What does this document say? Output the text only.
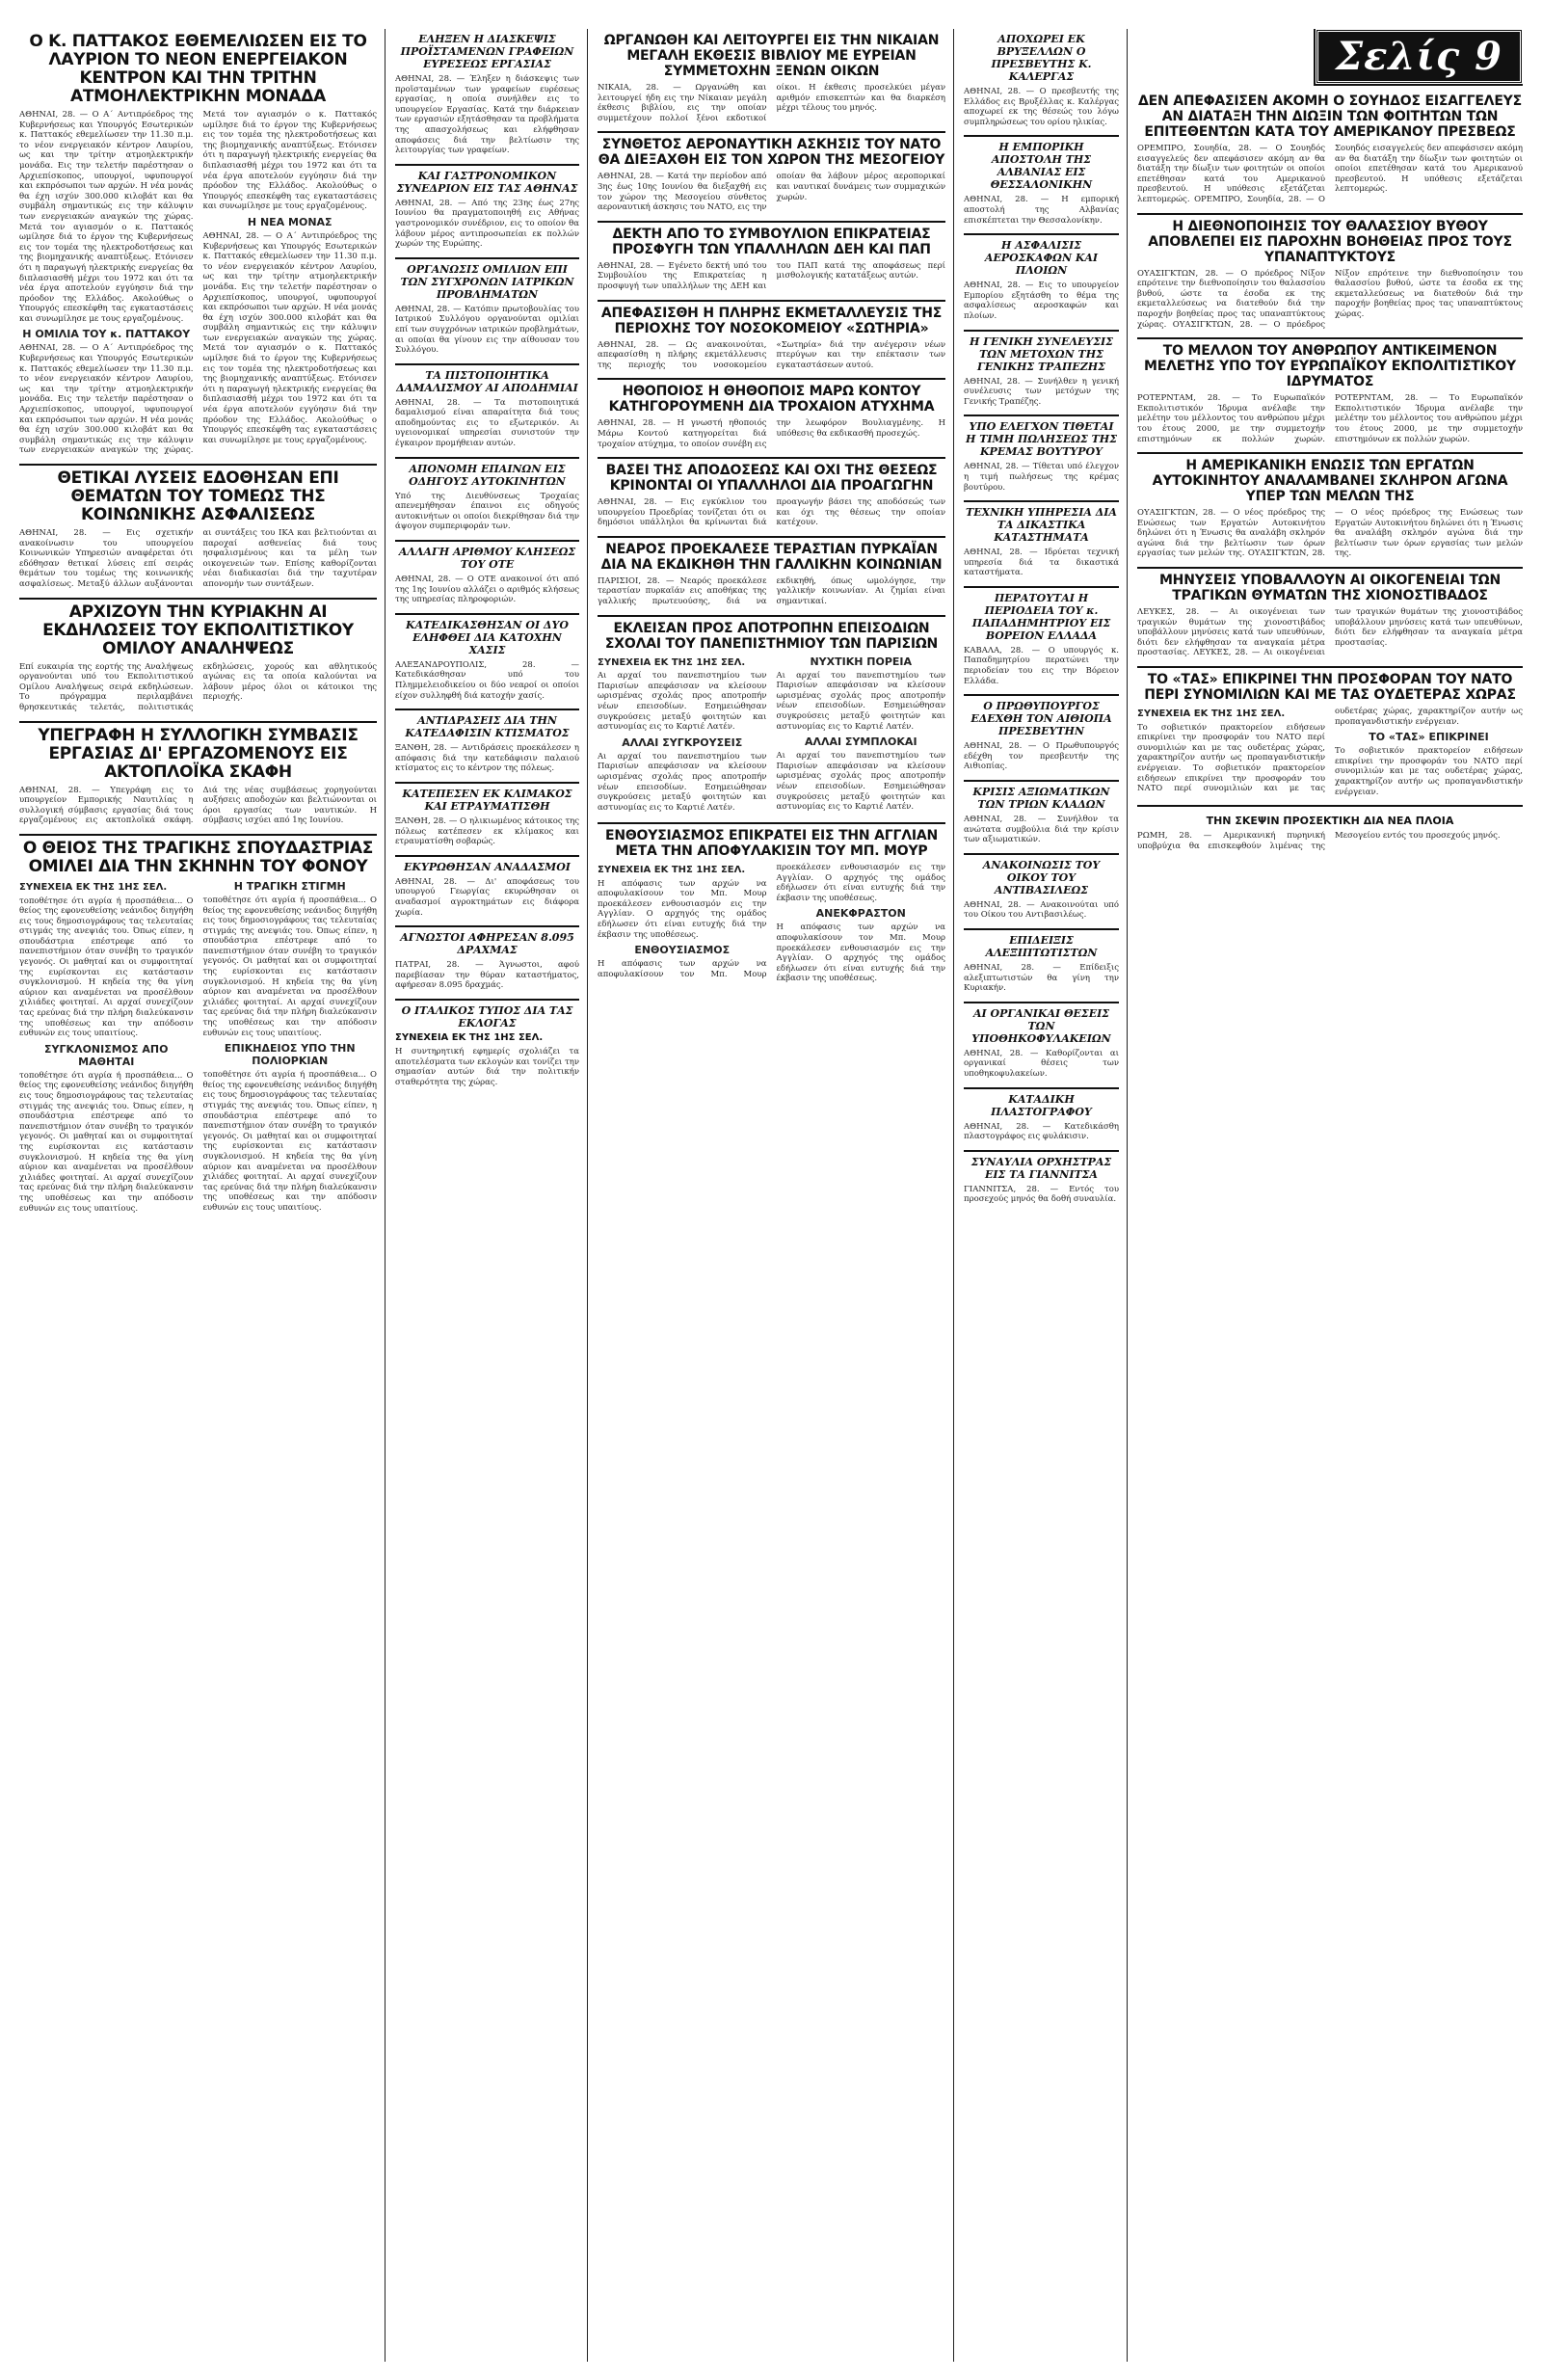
Ο Κ. ΠΑΤΤΑΚΟΣ ΕΘΕΜΕΛΙΩΣΕΝ ΕΙΣ ΤΟ ΛΑΥΡΙΟΝ ΤΟ ΝΕΟΝ ΕΝΕΡΓΕΙΑΚΟΝ ΚΕΝΤΡΟΝ ΚΑΙ ΤΗΝ ΤΡΙΤΗΝ ΑΤΜΟΗΛΕΚΤΡΙΚΗΝ ΜΟΝΑΔΑ
ΑΘΗΝΑΙ, 28. — Ο Α΄ Αντιπρόεδρος της Κυβερνήσεως και Υπουργός Εσωτερικών κ. Παττακός εθεμελίωσεν την 11.30 π.μ. το νέον ενεργειακόν κέντρον Λαυρίου, ως και την τρίτην ατμοηλεκτρικήν μονάδα. Εις την τελετήν παρέστησαν ο Αρχιεπίσκοπος, υπουργοί, υφυπουργοί και εκπρόσωποι των αρχών. Η νέα μονάς θα έχη ισχύν 300.000 κιλοβάτ και θα συμβάλη σημαντικώς εις την κάλυψιν των ενεργειακών αναγκών της χώρας. Μετά τον αγιασμόν ο κ. Παττακός ωμίλησε διά το έργον της Κυβερνήσεως εις τον τομέα της ηλεκτροδοτήσεως και της βιομηχανικής αναπτύξεως. Ετόνισεν ότι η παραγωγή ηλεκτρικής ενεργείας θα διπλασιασθή μέχρι του 1972 και ότι τα νέα έργα αποτελούν εγγύησιν διά την πρόοδον της Ελλάδος. Ακολούθως ο Υπουργός επεσκέφθη τας εγκαταστάσεις και συνωμίλησε με τους εργαζομένους.
Η ΟΜΙΛΙΑ ΤΟΥ κ. ΠΑΤΤΑΚΟΥ
ΑΘΗΝΑΙ, 28. — Ο Α΄ Αντιπρόεδρος της Κυβερνήσεως και Υπουργός Εσωτερικών κ. Παττακός εθεμελίωσεν την 11.30 π.μ. το νέον ενεργειακόν κέντρον Λαυρίου, ως και την τρίτην ατμοηλεκτρικήν μονάδα. Εις την τελετήν παρέστησαν ο Αρχιεπίσκοπος, υπουργοί, υφυπουργοί και εκπρόσωποι των αρχών. Η νέα μονάς θα έχη ισχύν 300.000 κιλοβάτ και θα συμβάλη σημαντικώς εις την κάλυψιν των ενεργειακών αναγκών της χώρας. Μετά τον αγιασμόν ο κ. Παττακός ωμίλησε διά το έργον της Κυβερνήσεως εις τον τομέα της ηλεκτροδοτήσεως και της βιομηχανικής αναπτύξεως. Ετόνισεν ότι η παραγωγή ηλεκτρικής ενεργείας θα διπλασιασθή μέχρι του 1972 και ότι τα νέα έργα αποτελούν εγγύησιν διά την πρόοδον της Ελλάδος. Ακολούθως ο Υπουργός επεσκέφθη τας εγκαταστάσεις και συνωμίλησε με τους εργαζομένους.
Η ΝΕΑ ΜΟΝΑΣ
ΑΘΗΝΑΙ, 28. — Ο Α΄ Αντιπρόεδρος της Κυβερνήσεως και Υπουργός Εσωτερικών κ. Παττακός εθεμελίωσεν την 11.30 π.μ. το νέον ενεργειακόν κέντρον Λαυρίου, ως και την τρίτην ατμοηλεκτρικήν μονάδα. Εις την τελετήν παρέστησαν ο Αρχιεπίσκοπος, υπουργοί, υφυπουργοί και εκπρόσωποι των αρχών. Η νέα μονάς θα έχη ισχύν 300.000 κιλοβάτ και θα συμβάλη σημαντικώς εις την κάλυψιν των ενεργειακών αναγκών της χώρας. Μετά τον αγιασμόν ο κ. Παττακός ωμίλησε διά το έργον της Κυβερνήσεως εις τον τομέα της ηλεκτροδοτήσεως και της βιομηχανικής αναπτύξεως. Ετόνισεν ότι η παραγωγή ηλεκτρικής ενεργείας θα διπλασιασθή μέχρι του 1972 και ότι τα νέα έργα αποτελούν εγγύησιν διά την πρόοδον της Ελλάδος. Ακολούθως ο Υπουργός επεσκέφθη τας εγκαταστάσεις και συνωμίλησε με τους εργαζομένους.
ΘΕΤΙΚΑΙ ΛΥΣΕΙΣ ΕΔΟΘΗΣΑΝ ΕΠΙ ΘΕΜΑΤΩΝ ΤΟΥ ΤΟΜΕΩΣ ΤΗΣ ΚΟΙΝΩΝΙΚΗΣ ΑΣΦΑΛΙΣΕΩΣ
ΑΘΗΝΑΙ, 28. — Εις σχετικήν ανακοίνωσιν του υπουργείου Κοινωνικών Υπηρεσιών αναφέρεται ότι εδόθησαν θετικαί λύσεις επί σειράς θεμάτων του τομέως της κοινωνικής ασφαλίσεως. Μεταξύ άλλων αυξάνονται αι συντάξεις του ΙΚΑ και βελτιούνται αι παροχαί ασθενείας διά τους ησφαλισμένους και τα μέλη των οικογενειών των. Επίσης καθορίζονται νέαι διαδικασίαι διά την ταχυτέραν απονομήν των συντάξεων.
ΑΡΧΙΖΟΥΝ ΤΗΝ ΚΥΡΙΑΚΗΝ ΑΙ ΕΚΔΗΛΩΣΕΙΣ ΤΟΥ ΕΚΠΟΛΙΤΙΣΤΙΚΟΥ ΟΜΙΛΟΥ ΑΝΑΛΗΨΕΩΣ
Επί ευκαιρία της εορτής της Αναλήψεως οργανούνται υπό του Εκπολιτιστικού Ομίλου Αναλήψεως σειρά εκδηλώσεων. Το πρόγραμμα περιλαμβάνει θρησκευτικάς τελετάς, πολιτιστικάς εκδηλώσεις, χορούς και αθλητικούς αγώνας εις τα οποία καλούνται να λάβουν μέρος όλοι οι κάτοικοι της περιοχής.
ΥΠΕΓΡΑΦΗ Η ΣΥΛΛΟΓΙΚΗ ΣΥΜΒΑΣΙΣ ΕΡΓΑΣΙΑΣ ΔΙ' ΕΡΓΑΖΟΜΕΝΟΥΣ ΕΙΣ ΑΚΤΟΠΛΟΪΚΑ ΣΚΑΦΗ
ΑΘΗΝΑΙ, 28. — Υπεγράφη εις το υπουργείον Εμπορικής Ναυτιλίας η συλλογική σύμβασις εργασίας διά τους εργαζομένους εις ακτοπλοϊκά σκάφη. Διά της νέας συμβάσεως χορηγούνται αυξήσεις αποδοχών και βελτιώνονται οι όροι εργασίας των ναυτικών. Η σύμβασις ισχύει από 1ης Ιουνίου.
Ο ΘΕΙΟΣ ΤΗΣ ΤΡΑΓΙΚΗΣ ΣΠΟΥΔΑΣΤΡΙΑΣ ΟΜΙΛΕΙ ΔΙΑ ΤΗΝ ΣΚΗΝΗΝ ΤΟΥ ΦΟΝΟΥ
ΣΥΝΕΧΕΙΑ ΕΚ ΤΗΣ 1ΗΣ ΣΕΛ.
τοποθέτησε ότι αγρία ή προσπάθεια... Ο θείος της εφονευθείσης νεάνιδος διηγήθη εις τους δημοσιογράφους τας τελευταίας στιγμάς της ανεψιάς του. Όπως είπεν, η σπουδάστρια επέστρεφε από το πανεπιστήμιον όταν συνέβη το τραγικόν γεγονός. Οι μαθηταί και οι συμφοιτηταί της ευρίσκονται εις κατάστασιν συγκλονισμού. Η κηδεία της θα γίνη αύριον και αναμένεται να προσέλθουν χιλιάδες φοιτηταί. Αι αρχαί συνεχίζουν τας ερεύνας διά την πλήρη διαλεύκανσιν της υποθέσεως και την απόδοσιν ευθυνών εις τους υπαιτίους.
ΣΥΓΚΛΟΝΙΣΜΟΣ ΑΠΟ ΜΑΘΗΤΑΙ
τοποθέτησε ότι αγρία ή προσπάθεια... Ο θείος της εφονευθείσης νεάνιδος διηγήθη εις τους δημοσιογράφους τας τελευταίας στιγμάς της ανεψιάς του. Όπως είπεν, η σπουδάστρια επέστρεφε από το πανεπιστήμιον όταν συνέβη το τραγικόν γεγονός. Οι μαθηταί και οι συμφοιτηταί της ευρίσκονται εις κατάστασιν συγκλονισμού. Η κηδεία της θα γίνη αύριον και αναμένεται να προσέλθουν χιλιάδες φοιτηταί. Αι αρχαί συνεχίζουν τας ερεύνας διά την πλήρη διαλεύκανσιν της υποθέσεως και την απόδοσιν ευθυνών εις τους υπαιτίους.
Η ΤΡΑΓΙΚΗ ΣΤΙΓΜΗ
τοποθέτησε ότι αγρία ή προσπάθεια... Ο θείος της εφονευθείσης νεάνιδος διηγήθη εις τους δημοσιογράφους τας τελευταίας στιγμάς της ανεψιάς του. Όπως είπεν, η σπουδάστρια επέστρεφε από το πανεπιστήμιον όταν συνέβη το τραγικόν γεγονός. Οι μαθηταί και οι συμφοιτηταί της ευρίσκονται εις κατάστασιν συγκλονισμού. Η κηδεία της θα γίνη αύριον και αναμένεται να προσέλθουν χιλιάδες φοιτηταί. Αι αρχαί συνεχίζουν τας ερεύνας διά την πλήρη διαλεύκανσιν της υποθέσεως και την απόδοσιν ευθυνών εις τους υπαιτίους.
ΕΠΙΚΗΔΕΙΟΣ ΥΠΟ ΤΗΝ ΠΟΛΙΟΡΚΙΑΝ
τοποθέτησε ότι αγρία ή προσπάθεια... Ο θείος της εφονευθείσης νεάνιδος διηγήθη εις τους δημοσιογράφους τας τελευταίας στιγμάς της ανεψιάς του. Όπως είπεν, η σπουδάστρια επέστρεφε από το πανεπιστήμιον όταν συνέβη το τραγικόν γεγονός. Οι μαθηταί και οι συμφοιτηταί της ευρίσκονται εις κατάστασιν συγκλονισμού. Η κηδεία της θα γίνη αύριον και αναμένεται να προσέλθουν χιλιάδες φοιτηταί. Αι αρχαί συνεχίζουν τας ερεύνας διά την πλήρη διαλεύκανσιν της υποθέσεως και την απόδοσιν ευθυνών εις τους υπαιτίους.
ΕΛΗΞΕΝ Η ΔΙΑΣΚΕΨΙΣ ΠΡΟΪΣΤΑΜΕΝΩΝ ΓΡΑΦΕΙΩΝ ΕΥΡΕΣΕΩΣ ΕΡΓΑΣΙΑΣ
ΑΘΗΝΑΙ, 28. — Έληξεν η διάσκεψις των προϊσταμένων των γραφείων ευρέσεως εργασίας, η οποία συνήλθεν εις το υπουργείον Εργασίας. Κατά την διάρκειαν των εργασιών εξητάσθησαν τα προβλήματα της απασχολήσεως και ελήφθησαν αποφάσεις διά την βελτίωσιν της λειτουργίας των γραφείων.
ΚΑΙ ΓΑΣΤΡΟΝΟΜΙΚΟΝ ΣΥΝΕΔΡΙΟΝ ΕΙΣ ΤΑΣ ΑΘΗΝΑΣ
ΑΘΗΝΑΙ, 28. — Από της 23ης έως 27ης Ιουνίου θα πραγματοποιηθή εις Αθήνας γαστρονομικόν συνέδριον, εις το οποίον θα λάβουν μέρος αντιπροσωπείαι εκ πολλών χωρών της Ευρώπης.
ΟΡΓΑΝΩΣΙΣ ΟΜΙΛΙΩΝ ΕΠΙ ΤΩΝ ΣΥΓΧΡΟΝΩΝ ΙΑΤΡΙΚΩΝ ΠΡΟΒΛΗΜΑΤΩΝ
ΑΘΗΝΑΙ, 28. — Κατόπιν πρωτοβουλίας του Ιατρικού Συλλόγου οργανούνται ομιλίαι επί των συγχρόνων ιατρικών προβλημάτων, αι οποίαι θα γίνουν εις την αίθουσαν του Συλλόγου.
ΤΑ ΠΙΣΤΟΠΟΙΗΤΙΚΑ ΔΑΜΑΛΙΣΜΟΥ ΑΙ ΑΠΟΔΗΜΙΑΙ
ΑΘΗΝΑΙ, 28. — Τα πιστοποιητικά δαμαλισμού είναι απαραίτητα διά τους αποδημούντας εις το εξωτερικόν. Αι υγειονομικαί υπηρεσίαι συνιστούν την έγκαιρον προμήθειαν αυτών.
ΑΠΟΝΟΜΗ ΕΠΑΙΝΩΝ ΕΙΣ ΟΔΗΓΟΥΣ ΑΥΤΟΚΙΝΗΤΩΝ
Υπό της Διευθύνσεως Τροχαίας απενεμήθησαν έπαινοι εις οδηγούς αυτοκινήτων οι οποίοι διεκρίθησαν διά την άψογον συμπεριφοράν των.
ΑΛΛΑΓΗ ΑΡΙΘΜΟΥ ΚΛΗΣΕΩΣ ΤΟΥ ΟΤΕ
ΑΘΗΝΑΙ, 28. — Ο ΟΤΕ ανακοινοί ότι από της 1ης Ιουνίου αλλάζει ο αριθμός κλήσεως της υπηρεσίας πληροφοριών.
ΚΑΤΕΔΙΚΑΣΘΗΣΑΝ ΟΙ ΔΥΟ ΕΛΗΦΘΕΙ ΔΙΑ ΚΑΤΟΧΗΝ ΧΑΣΙΣ
ΑΛΕΞΑΝΔΡΟΥΠΟΛΙΣ, 28. — Κατεδικάσθησαν υπό του Πλημμελειοδικείου οι δύο νεαροί οι οποίοι είχον συλληφθή διά κατοχήν χασίς.
ΑΝΤΙΔΡΑΣΕΙΣ ΔΙΑ ΤΗΝ ΚΑΤΕΔΑΦΙΣΙΝ ΚΤΙΣΜΑΤΟΣ
ΞΑΝΘΗ, 28. — Αντιδράσεις προεκάλεσεν η απόφασις διά την κατεδάφισιν παλαιού κτίσματος εις το κέντρον της πόλεως.
ΚΑΤΕΠΕΣΕΝ ΕΚ ΚΛΙΜΑΚΟΣ ΚΑΙ ΕΤΡΑΥΜΑΤΙΣΘΗ
ΞΑΝΘΗ, 28. — Ο ηλικιωμένος κάτοικος της πόλεως κατέπεσεν εκ κλίμακος και ετραυματίσθη σοβαρώς.
ΕΚΥΡΩΘΗΣΑΝ ΑΝΑΔΑΣΜΟΙ
ΑΘΗΝΑΙ, 28. — Δι' αποφάσεως του υπουργού Γεωργίας εκυρώθησαν οι αναδασμοί αγροκτημάτων εις διάφορα χωρία.
ΑΓΝΩΣΤΟΙ ΑΦΗΡΕΣΑΝ 8.095 ΔΡΑΧΜΑΣ
ΠΑΤΡΑΙ, 28. — Άγνωστοι, αφού παρεβίασαν την θύραν καταστήματος, αφήρεσαν 8.095 δραχμάς.
Ο ΙΤΑΛΙΚΟΣ ΤΥΠΟΣ ΔΙΑ ΤΑΣ ΕΚΛΟΓΑΣ
ΣΥΝΕΧΕΙΑ ΕΚ ΤΗΣ 1ΗΣ ΣΕΛ.
Η συντηρητική εφημερίς σχολιάζει τα αποτελέσματα των εκλογών και τονίζει την σημασίαν αυτών διά την πολιτικήν σταθερότητα της χώρας.
ΩΡΓΑΝΩΘΗ ΚΑΙ ΛΕΙΤΟΥΡΓΕΙ ΕΙΣ ΤΗΝ ΝΙΚΑΙΑΝ ΜΕΓΑΛΗ ΕΚΘΕΣΙΣ ΒΙΒΛΙΟΥ ΜΕ ΕΥΡΕΙΑΝ ΣΥΜΜΕΤΟΧΗΝ ΞΕΝΩΝ ΟΙΚΩΝ
ΝΙΚΑΙΑ, 28. — Ωργανώθη και λειτουργεί ήδη εις την Νίκαιαν μεγάλη έκθεσις βιβλίου, εις την οποίαν συμμετέχουν πολλοί ξένοι εκδοτικοί οίκοι. Η έκθεσις προσελκύει μέγαν αριθμόν επισκεπτών και θα διαρκέση μέχρι τέλους του μηνός.
ΣΥΝΘΕΤΟΣ ΑΕΡΟΝΑΥΤΙΚΗ ΑΣΚΗΣΙΣ ΤΟΥ ΝΑΤΟ ΘΑ ΔΙΕΞΑΧΘΗ ΕΙΣ ΤΟΝ ΧΩΡΟΝ ΤΗΣ ΜΕΣΟΓΕΙΟΥ
ΑΘΗΝΑΙ, 28. — Κατά την περίοδον από 3ης έως 10ης Ιουνίου θα διεξαχθή εις τον χώρον της Μεσογείου σύνθετος αεροναυτική άσκησις του ΝΑΤΟ, εις την οποίαν θα λάβουν μέρος αεροπορικαί και ναυτικαί δυνάμεις των συμμαχικών χωρών.
ΔΕΚΤΗ ΑΠΟ ΤΟ ΣΥΜΒΟΥΛΙΟΝ ΕΠΙΚΡΑΤΕΙΑΣ ΠΡΟΣΦΥΓΗ ΤΩΝ ΥΠΑΛΛΗΛΩΝ ΔΕΗ ΚΑΙ ΠΑΠ
ΑΘΗΝΑΙ, 28. — Εγένετο δεκτή υπό του Συμβουλίου της Επικρατείας η προσφυγή των υπαλλήλων της ΔΕΗ και του ΠΑΠ κατά της αποφάσεως περί μισθολογικής κατατάξεως αυτών.
ΑΠΕΦΑΣΙΣΘΗ Η ΠΛΗΡΗΣ ΕΚΜΕΤΑΛΛΕΥΣΙΣ ΤΗΣ ΠΕΡΙΟΧΗΣ ΤΟΥ ΝΟΣΟΚΟΜΕΙΟΥ «ΣΩΤΗΡΙΑ»
ΑΘΗΝΑΙ, 28. — Ως ανακοινούται, απεφασίσθη η πλήρης εκμετάλλευσις της περιοχής του νοσοκομείου «Σωτηρία» διά την ανέγερσιν νέων πτερύγων και την επέκτασιν των εγκαταστάσεων αυτού.
ΗΘΟΠΟΙΟΣ Η ΘΗΘΟΠΟΙΣ ΜΑΡΩ ΚΟΝΤΟΥ ΚΑΤΗΓΟΡΟΥΜΕΝΗ ΔΙΑ ΤΡΟΧΑΙΟΝ ΑΤΥΧΗΜΑ
ΑΘΗΝΑΙ, 28. — Η γνωστή ηθοποιός Μάρω Κοντού κατηγορείται διά τροχαίον ατύχημα, το οποίον συνέβη εις την λεωφόρον Βουλιαγμένης. Η υπόθεσις θα εκδικασθή προσεχώς.
ΒΑΣΕΙ ΤΗΣ ΑΠΟΔΟΣΕΩΣ ΚΑΙ ΟΧΙ ΤΗΣ ΘΕΣΕΩΣ ΚΡΙΝΟΝΤΑΙ ΟΙ ΥΠΑΛΛΗΛΟΙ ΔΙΑ ΠΡΟΑΓΩΓΗΝ
ΑΘΗΝΑΙ, 28. — Εις εγκύκλιον του υπουργείου Προεδρίας τονίζεται ότι οι δημόσιοι υπάλληλοι θα κρίνωνται διά προαγωγήν βάσει της αποδόσεώς των και όχι της θέσεως την οποίαν κατέχουν.
ΝΕΑΡΟΣ ΠΡΟΕΚΑΛΕΣΕ ΤΕΡΑΣΤΙΑΝ ΠΥΡΚΑΪΑΝ ΔΙΑ ΝΑ ΕΚΔΙΚΗΘΗ ΤΗΝ ΓΑΛΛΙΚΗΝ ΚΟΙΝΩΝΙΑΝ
ΠΑΡΙΣΙΟΙ, 28. — Νεαρός προεκάλεσε τεραστίαν πυρκαϊάν εις αποθήκας της γαλλικής πρωτευούσης, διά να εκδικηθή, όπως ωμολόγησε, την γαλλικήν κοινωνίαν. Αι ζημίαι είναι σημαντικαί.
ΕΚΛΕΙΣΑΝ ΠΡΟΣ ΑΠΟΤΡΟΠΗΝ ΕΠΕΙΣΟΔΙΩΝ ΣΧΟΛΑΙ ΤΟΥ ΠΑΝΕΠΙΣΤΗΜΙΟΥ ΤΩΝ ΠΑΡΙΣΙΩΝ
ΣΥΝΕΧΕΙΑ ΕΚ ΤΗΣ 1ΗΣ ΣΕΛ.
Αι αρχαί του πανεπιστημίου των Παρισίων απεφάσισαν να κλείσουν ωρισμένας σχολάς προς αποτροπήν νέων επεισοδίων. Εσημειώθησαν συγκρούσεις μεταξύ φοιτητών και αστυνομίας εις το Καρτιέ Λατέν.
ΑΛΛΑΙ ΣΥΓΚΡΟΥΣΕΙΣ
Αι αρχαί του πανεπιστημίου των Παρισίων απεφάσισαν να κλείσουν ωρισμένας σχολάς προς αποτροπήν νέων επεισοδίων. Εσημειώθησαν συγκρούσεις μεταξύ φοιτητών και αστυνομίας εις το Καρτιέ Λατέν.
ΝΥΧΤΙΚΗ ΠΟΡΕΙΑ
Αι αρχαί του πανεπιστημίου των Παρισίων απεφάσισαν να κλείσουν ωρισμένας σχολάς προς αποτροπήν νέων επεισοδίων. Εσημειώθησαν συγκρούσεις μεταξύ φοιτητών και αστυνομίας εις το Καρτιέ Λατέν.
ΑΛΛΑΙ ΣΥΜΠΛΟΚΑΙ
Αι αρχαί του πανεπιστημίου των Παρισίων απεφάσισαν να κλείσουν ωρισμένας σχολάς προς αποτροπήν νέων επεισοδίων. Εσημειώθησαν συγκρούσεις μεταξύ φοιτητών και αστυνομίας εις το Καρτιέ Λατέν.
ΕΝΘΟΥΣΙΑΣΜΟΣ ΕΠΙΚΡΑΤΕΙ ΕΙΣ ΤΗΝ ΑΓΓΛΙΑΝ ΜΕΤΑ ΤΗΝ ΑΠΟΦΥΛΑΚΙΣΙΝ ΤΟΥ ΜΠ. ΜΟΥΡ
ΣΥΝΕΧΕΙΑ ΕΚ ΤΗΣ 1ΗΣ ΣΕΛ.
Η απόφασις των αρχών να αποφυλακίσουν τον Μπ. Μουρ προεκάλεσεν ενθουσιασμόν εις την Αγγλίαν. Ο αρχηγός της ομάδος εδήλωσεν ότι είναι ευτυχής διά την έκβασιν της υποθέσεως.
ΕΝΘΟΥΣΙΑΣΜΟΣ
Η απόφασις των αρχών να αποφυλακίσουν τον Μπ. Μουρ προεκάλεσεν ενθουσιασμόν εις την Αγγλίαν. Ο αρχηγός της ομάδος εδήλωσεν ότι είναι ευτυχής διά την έκβασιν της υποθέσεως.
ΑΝΕΚΦΡΑΣΤΟΝ
Η απόφασις των αρχών να αποφυλακίσουν τον Μπ. Μουρ προεκάλεσεν ενθουσιασμόν εις την Αγγλίαν. Ο αρχηγός της ομάδος εδήλωσεν ότι είναι ευτυχής διά την έκβασιν της υποθέσεως.
ΑΠΟΧΩΡΕΙ ΕΚ ΒΡΥΞΕΛΛΩΝ Ο ΠΡΕΣΒΕΥΤΗΣ Κ. ΚΑΛΕΡΓΑΣ
ΑΘΗΝΑΙ, 28. — Ο πρεσβευτής της Ελλάδος εις Βρυξέλλας κ. Καλέργας αποχωρεί εκ της θέσεώς του λόγω συμπληρώσεως του ορίου ηλικίας.
Η ΕΜΠΟΡΙΚΗ ΑΠΟΣΤΟΛΗ ΤΗΣ ΑΛΒΑΝΙΑΣ ΕΙΣ ΘΕΣΣΑΛΟΝΙΚΗΝ
ΑΘΗΝΑΙ, 28. — Η εμπορική αποστολή της Αλβανίας επισκέπτεται την Θεσσαλονίκην.
Η ΑΣΦΑΛΙΣΙΣ ΑΕΡΟΣΚΑΦΩΝ ΚΑΙ ΠΛΟΙΩΝ
ΑΘΗΝΑΙ, 28. — Εις το υπουργείον Εμπορίου εξητάσθη το θέμα της ασφαλίσεως αεροσκαφών και πλοίων.
Η ΓΕΝΙΚΗ ΣΥΝΕΛΕΥΣΙΣ ΤΩΝ ΜΕΤΟΧΩΝ ΤΗΣ ΓΕΝΙΚΗΣ ΤΡΑΠΕΖΗΣ
ΑΘΗΝΑΙ, 28. — Συνήλθεν η γενική συνέλευσις των μετόχων της Γενικής Τραπέζης.
ΥΠΟ ΕΛΕΓΧΟΝ ΤΙΘΕΤΑΙ Η ΤΙΜΗ ΠΩΛΗΣΕΩΣ ΤΗΣ ΚΡΕΜΑΣ ΒΟΥΤΥΡΟΥ
ΑΘΗΝΑΙ, 28. — Τίθεται υπό έλεγχον η τιμή πωλήσεως της κρέμας βουτύρου.
ΤΕΧΝΙΚΗ ΥΠΗΡΕΣΙΑ ΔΙΑ ΤΑ ΔΙΚΑΣΤΙΚΑ ΚΑΤΑΣΤΗΜΑΤΑ
ΑΘΗΝΑΙ, 28. — Ιδρύεται τεχνική υπηρεσία διά τα δικαστικά καταστήματα.
ΠΕΡΑΤΟΥΤΑΙ Η ΠΕΡΙΟΔΕΙΑ ΤΟΥ κ. ΠΑΠΑΔΗΜΗΤΡΙΟΥ ΕΙΣ ΒΟΡΕΙΟΝ ΕΛΛΑΔΑ
ΚΑΒΑΛΑ, 28. — Ο υπουργός κ. Παπαδημητρίου περατώνει την περιοδείαν του εις την Βόρειον Ελλάδα.
Ο ΠΡΩΘΥΠΟΥΡΓΟΣ ΕΔΕΧΘΗ ΤΟΝ ΑΙΘΙΟΠΑ ΠΡΕΣΒΕΥΤΗΝ
ΑΘΗΝΑΙ, 28. — Ο Πρωθυπουργός εδέχθη τον πρεσβευτήν της Αιθιοπίας.
ΚΡΙΣΙΣ ΑΞΙΩΜΑΤΙΚΩΝ ΤΩΝ ΤΡΙΩΝ ΚΛΑΔΩΝ
ΑΘΗΝΑΙ, 28. — Συνήλθον τα ανώτατα συμβούλια διά την κρίσιν των αξιωματικών.
ΑΝΑΚΟΙΝΩΣΙΣ ΤΟΥ ΟΙΚΟΥ ΤΟΥ ΑΝΤΙΒΑΣΙΛΕΩΣ
ΑΘΗΝΑΙ, 28. — Ανακοινούται υπό του Οίκου του Αντιβασιλέως.
ΕΠΙΔΕΙΞΙΣ ΑΛΕΞΙΠΤΩΤΙΣΤΩΝ
ΑΘΗΝΑΙ, 28. — Επίδειξις αλεξιπτωτιστών θα γίνη την Κυριακήν.
ΑΙ ΟΡΓΑΝΙΚΑΙ ΘΕΣΕΙΣ ΤΩΝ ΥΠΟΘΗΚΟΦΥΛΑΚΕΙΩΝ
ΑΘΗΝΑΙ, 28. — Καθορίζονται αι οργανικαί θέσεις των υποθηκοφυλακείων.
ΚΑΤΑΔΙΚΗ ΠΛΑΣΤΟΓΡΑΦΟΥ
ΑΘΗΝΑΙ, 28. — Κατεδικάσθη πλαστογράφος εις φυλάκισιν.
ΣΥΝΑΥΛΙΑ ΟΡΧΗΣΤΡΑΣ ΕΙΣ ΤΑ ΓΙΑΝΝΙΤΣΑ
ΓΙΑΝΝΙΤΣΑ, 28. — Εντός του προσεχούς μηνός θα δοθή συναυλία.
Σελίς 9
ΔΕΝ ΑΠΕΦΑΣΙΣΕΝ ΑΚΟΜΗ Ο ΣΟΥΗΔΟΣ ΕΙΣΑΓΓΕΛΕΥΣ ΑΝ ΔΙΑΤΑΞΗ ΤΗΝ ΔΙΩΞΙΝ ΤΩΝ ΦΟΙΤΗΤΩΝ ΤΩΝ ΕΠΙΤΕΘΕΝΤΩΝ ΚΑΤΑ ΤΟΥ ΑΜΕΡΙΚΑΝΟΥ ΠΡΕΣΒΕΩΣ
ΟΡΕΜΠΡΟ, Σουηδία, 28. — Ο Σουηδός εισαγγελεύς δεν απεφάσισεν ακόμη αν θα διατάξη την δίωξιν των φοιτητών οι οποίοι επετέθησαν κατά του Αμερικανού πρεσβευτού. Η υπόθεσις εξετάζεται λεπτομερώς. ΟΡΕΜΠΡΟ, Σουηδία, 28. — Ο Σουηδός εισαγγελεύς δεν απεφάσισεν ακόμη αν θα διατάξη την δίωξιν των φοιτητών οι οποίοι επετέθησαν κατά του Αμερικανού πρεσβευτού. Η υπόθεσις εξετάζεται λεπτομερώς.
Η ΔΙΕΘΝΟΠΟΙΗΣΙΣ ΤΟΥ ΘΑΛΑΣΣΙΟΥ ΒΥΘΟΥ ΑΠΟΒΛΕΠΕΙ ΕΙΣ ΠΑΡΟΧΗΝ ΒΟΗΘΕΙΑΣ ΠΡΟΣ ΤΟΥΣ ΥΠΑΝΑΠΤΥΚΤΟΥΣ
ΟΥΑΣΙΓΚΤΩΝ, 28. — Ο πρόεδρος Νίξον επρότεινε την διεθνοποίησιν του θαλασσίου βυθού, ώστε τα έσοδα εκ της εκμεταλλεύσεως να διατεθούν διά την παροχήν βοηθείας προς τας υπαναπτύκτους χώρας. ΟΥΑΣΙΓΚΤΩΝ, 28. — Ο πρόεδρος Νίξον επρότεινε την διεθνοποίησιν του θαλασσίου βυθού, ώστε τα έσοδα εκ της εκμεταλλεύσεως να διατεθούν διά την παροχήν βοηθείας προς τας υπαναπτύκτους χώρας.
ΤΟ ΜΕΛΛΟΝ ΤΟΥ ΑΝΘΡΩΠΟΥ ΑΝΤΙΚΕΙΜΕΝΟΝ ΜΕΛΕΤΗΣ ΥΠΟ ΤΟΥ ΕΥΡΩΠΑΪΚΟΥ ΕΚΠΟΛΙΤΙΣΤΙΚΟΥ ΙΔΡΥΜΑΤΟΣ
ΡΟΤΕΡΝΤΑΜ, 28. — Το Ευρωπαϊκόν Εκπολιτιστικόν Ίδρυμα ανέλαβε την μελέτην του μέλλοντος του ανθρώπου μέχρι του έτους 2000, με την συμμετοχήν επιστημόνων εκ πολλών χωρών. ΡΟΤΕΡΝΤΑΜ, 28. — Το Ευρωπαϊκόν Εκπολιτιστικόν Ίδρυμα ανέλαβε την μελέτην του μέλλοντος του ανθρώπου μέχρι του έτους 2000, με την συμμετοχήν επιστημόνων εκ πολλών χωρών.
Η ΑΜΕΡΙΚΑΝΙΚΗ ΕΝΩΣΙΣ ΤΩΝ ΕΡΓΑΤΩΝ ΑΥΤΟΚΙΝΗΤΟΥ ΑΝΑΛΑΜΒΑΝΕΙ ΣΚΛΗΡΟΝ ΑΓΩΝΑ ΥΠΕΡ ΤΩΝ ΜΕΛΩΝ ΤΗΣ
ΟΥΑΣΙΓΚΤΩΝ, 28. — Ο νέος πρόεδρος της Ενώσεως των Εργατών Αυτοκινήτου δηλώνει ότι η Ένωσις θα αναλάβη σκληρόν αγώνα διά την βελτίωσιν των όρων εργασίας των μελών της. ΟΥΑΣΙΓΚΤΩΝ, 28. — Ο νέος πρόεδρος της Ενώσεως των Εργατών Αυτοκινήτου δηλώνει ότι η Ένωσις θα αναλάβη σκληρόν αγώνα διά την βελτίωσιν των όρων εργασίας των μελών της.
ΜΗΝΥΣΕΙΣ ΥΠΟΒΑΛΛΟΥΝ ΑΙ ΟΙΚΟΓΕΝΕΙΑΙ ΤΩΝ ΤΡΑΓΙΚΩΝ ΘΥΜΑΤΩΝ ΤΗΣ ΧΙΟΝΟΣΤΙΒΑΔΟΣ
ΛΕΥΚΕΣ, 28. — Αι οικογένειαι των τραγικών θυμάτων της χιονοστιβάδος υποβάλλουν μηνύσεις κατά των υπευθύνων, διότι δεν ελήφθησαν τα αναγκαία μέτρα προστασίας. ΛΕΥΚΕΣ, 28. — Αι οικογένειαι των τραγικών θυμάτων της χιονοστιβάδος υποβάλλουν μηνύσεις κατά των υπευθύνων, διότι δεν ελήφθησαν τα αναγκαία μέτρα προστασίας.
ΤΟ «ΤΑΣ» ΕΠΙΚΡΙΝΕΙ ΤΗΝ ΠΡΟΣΦΟΡΑΝ ΤΟΥ ΝΑΤΟ ΠΕΡΙ ΣΥΝΟΜΙΛΙΩΝ ΚΑΙ ΜΕ ΤΑΣ ΟΥΔΕΤΕΡΑΣ ΧΩΡΑΣ
ΣΥΝΕΧΕΙΑ ΕΚ ΤΗΣ 1ΗΣ ΣΕΛ.
Το σοβιετικόν πρακτορείον ειδήσεων επικρίνει την προσφοράν του ΝΑΤΟ περί συνομιλιών και με τας ουδετέρας χώρας, χαρακτηρίζον αυτήν ως προπαγανδιστικήν ενέργειαν. Το σοβιετικόν πρακτορείον ειδήσεων επικρίνει την προσφοράν του ΝΑΤΟ περί συνομιλιών και με τας ουδετέρας χώρας, χαρακτηρίζον αυτήν ως προπαγανδιστικήν ενέργειαν.
ΤΟ «ΤΑΣ» ΕΠΙΚΡΙΝΕΙ
Το σοβιετικόν πρακτορείον ειδήσεων επικρίνει την προσφοράν του ΝΑΤΟ περί συνομιλιών και με τας ουδετέρας χώρας, χαρακτηρίζον αυτήν ως προπαγανδιστικήν ενέργειαν.
ΤΗΝ ΣΚΕΨΙΝ ΠΡΟΣΕΚΤΙΚΗ ΔΙΑ ΝΕΑ ΠΛΟΙΑ
ΡΩΜΗ, 28. — Αμερικανική πυρηνική υποβρύχια θα επισκεφθούν λιμένας της Μεσογείου εντός του προσεχούς μηνός.
